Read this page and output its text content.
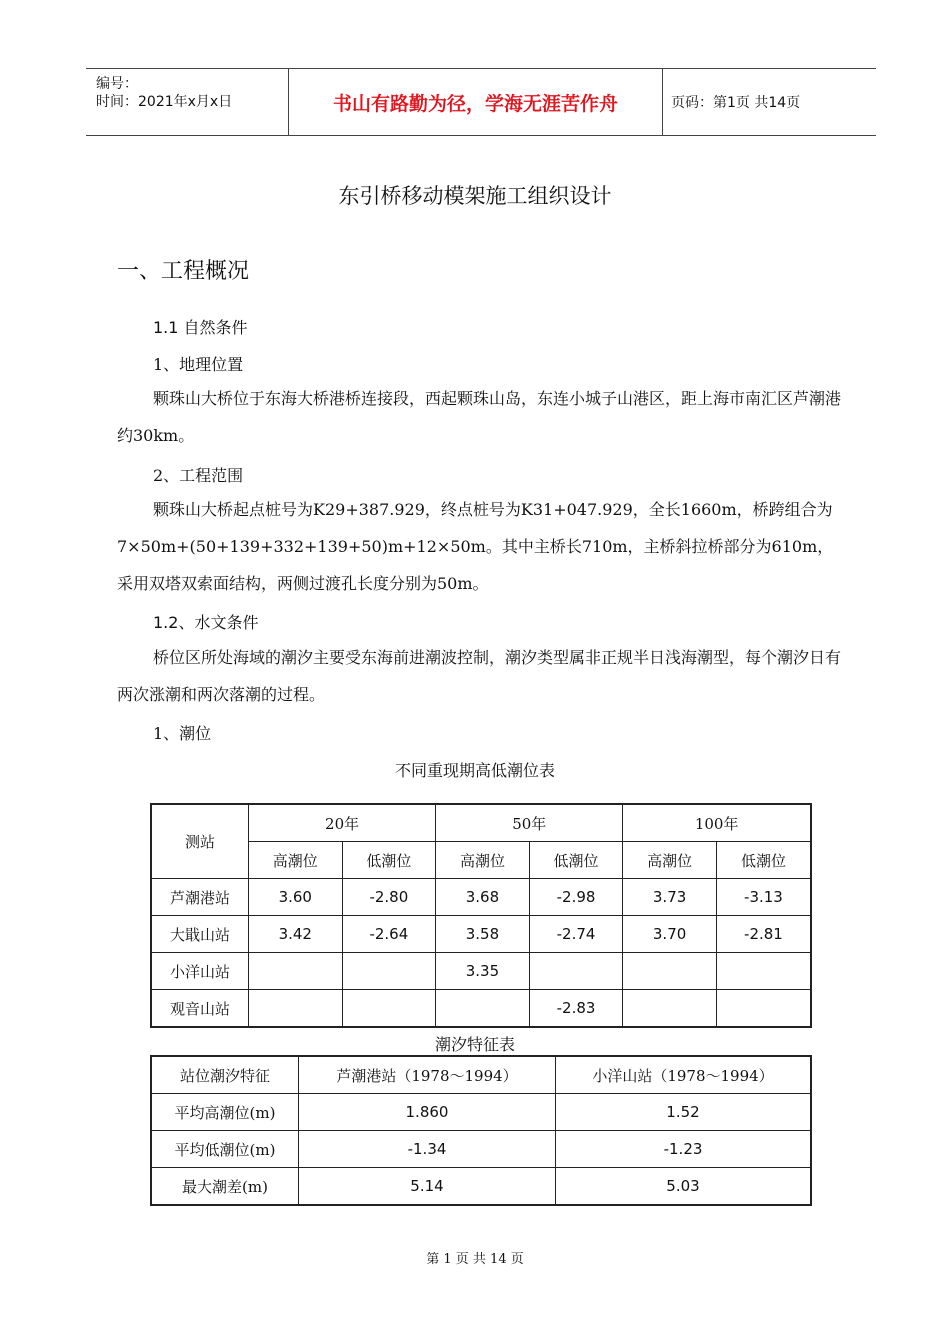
编号：
时间：2021年x月x日	书山有路勤为径，学海无涯苦作舟	页码：第1页 共14页
东引桥移动模架施工组织设计
一、工程概况
1.1 自然条件
1、地理位置

颗珠山大桥位于东海大桥港桥连接段，西起颗珠山岛，东连小城子山港区，距上海市南汇区芦潮港约30km。

2、工程范围

颗珠山大桥起点桩号为K29+387.929，终点桩号为K31+047.929，全长1660m，桥跨组合为7×50m+(50+139+332+139+50)m+12×50m。其中主桥长710m，主桥斜拉桥部分为610m，采用双塔双索面结构，两侧过渡孔长度分别为50m。

1.2、水文条件

桥位区所处海域的潮汐主要受东海前进潮波控制，潮汐类型属非正规半日浅海潮型，每个潮汐日有两次涨潮和两次落潮的过程。

1、潮位
不同重现期高低潮位表
测站	20年		50年		100年	
	高潮位	低潮位	高潮位	低潮位	高潮位	低潮位
芦潮港站	3.60	-2.80	3.68	-2.98	3.73	-3.13
大戢山站	3.42	-2.64	3.58	-2.74	3.70	-2.81
小洋山站			3.35			
观音山站				-2.83		
潮汐特征表
站位潮汐特征	芦潮港站（1978～1994）	小洋山站（1978～1994）
平均高潮位(m)	1.860	1.52
平均低潮位(m)	-1.34	-1.23
最大潮差(m)	5.14	5.03
第 1 页 共 14 页
